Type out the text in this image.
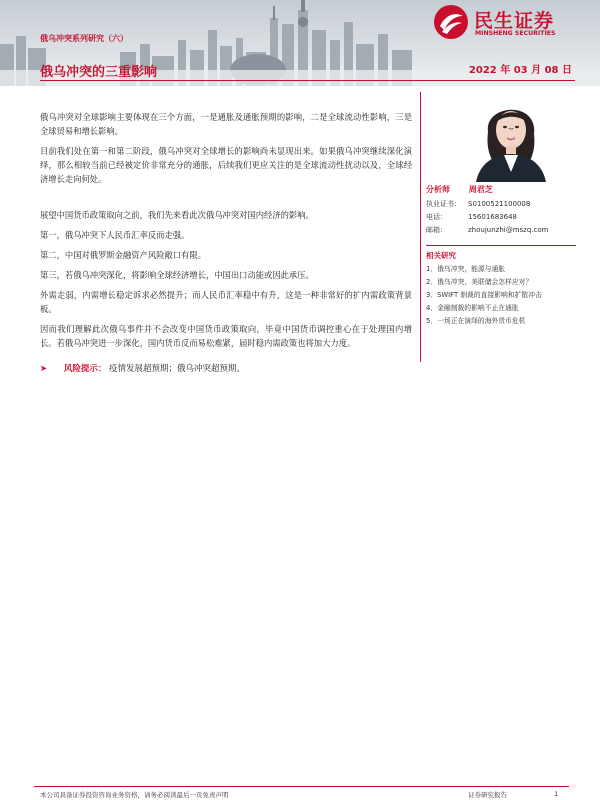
民生证券
MINSHENG SECURITIES
俄乌冲突系列研究（六）
俄乌冲突的三重影响	2022 年 03 月 08 日

俄乌冲突对全球影响主要体现在三个方面，一是通胀及通胀预期的影响，二是全球流动性影响，三是全球贸易和增长影响。

目前我们处在第一和第二阶段，俄乌冲突对全球增长的影响尚未显现出来。如果俄乌冲突继续深化演绎，那么相较当前已经被定价非常充分的通胀，后续我们更应关注的是全球流动性扰动以及，全球经济增长走向何处。

展望中国货币政策取向之前，我们先来看此次俄乌冲突对国内经济的影响。

第一，俄乌冲突下人民币汇率反而走强。

第二，中国对俄罗斯金融资产风险敞口有限。

第三，若俄乌冲突深化，将影响全球经济增长，中国出口动能或因此承压。

外需走弱，内需增长稳定诉求必然提升；而人民币汇率稳中有升，这是一种非常好的扩内需政策背景板。

因而我们理解此次俄乌事件并不会改变中国货币政策取向，毕竟中国货币调控重心在于处理国内增长。若俄乌冲突进一步深化，国内货币反而易松难紧，届时稳内需政策也将加大力度。

➤ 风险提示： 疫情发展超预期；俄乌冲突超预期。
分析师 周君芝
执业证书： S0100521100008
电话：	15601683648
邮箱：	zhoujunzhi@mszq.com
相关研究
1．俄乌冲突，能源与通胀
2．俄乌冲突，美联储会怎样应对？
3．SWIFT 制裁的直接影响和扩散冲击
4．金融制裁的影响不止在通胀
5．一场正在演绎的海外货币危机
本公司具备证券投资咨询业务资格，请务必阅读最后一页免责声明	证券研究报告	1
